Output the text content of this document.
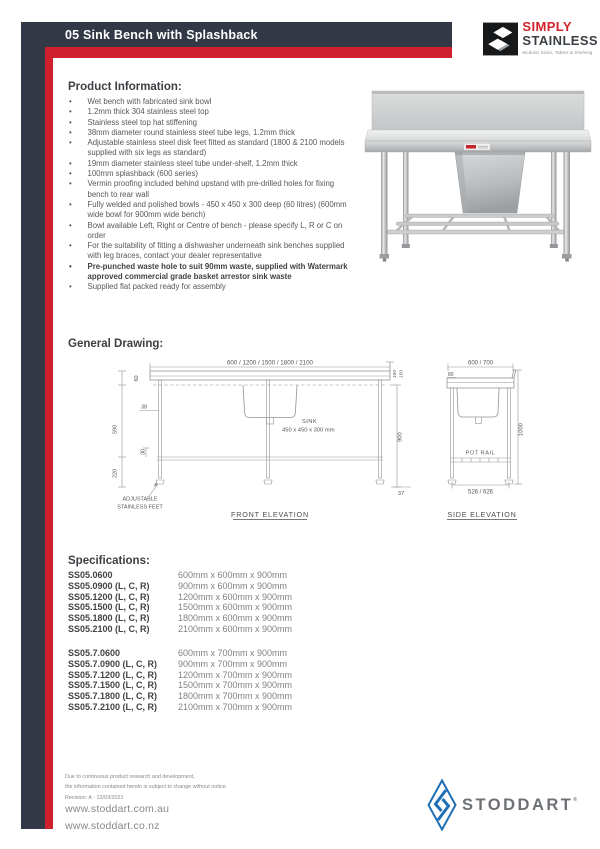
05 Sink Bench with Splashback
SIMPLY
STAINLESS
Modular Sinks, Tables & Shelving
Product Information:
•
Wet bench with fabricated sink bowl
•
1.2mm thick 304 stainless steel top
•
Stainless steel top hat stiffening
•
38mm diameter round stainless steel tube legs, 1.2mm thick
•
Adjustable stainless steel disk feet fitted as standard (1800 & 2100 models supplied with six legs as standard)
•
19mm diameter stainless steel tube under-shelf, 1.2mm thick
•
100mm splashback (600 series)
•
Vermin proofing included behind upstand with pre-drilled holes for fixing bench to rear wall
•
Fully welded and polished bowls - 450 x 450 x 300 deep (60 litres) (600mm wide bowl for 900mm wide bench)
•
Bowl available Left, Right or Centre of bench - please specify L, R or C on order
•
For the suitability of fitting a dishwasher underneath sink benches supplied with leg braces, contact your dealer representative
•
Pre-punched waste hole to suit 90mm waste, supplied with Watermark approved commercial grade basket arrestor sink waste
•
Supplied flat packed ready for assembly
General Drawing:
600 / 1200 / 1500 / 1800 / 2100
100 150
SINK
450 x 450 x 300 mm
60
38
590
30
220
900
37
ADJUSTABLE
STAINLESS FEET
FRONT ELEVATION
600 / 700
80
POT RAIL
1000
526 / 626
SIDE ELEVATION
Specifications:
SS05.0600	600mm x 600mm x 900mm
SS05.0900 (L, C, R)	900mm x 600mm x 900mm
SS05.1200 (L, C, R)	1200mm x 600mm x 900mm
SS05.1500 (L, C, R)	1500mm x 600mm x 900mm
SS05.1800 (L, C, R)	1800mm x 600mm x 900mm
SS05.2100 (L, C, R)	2100mm x 600mm x 900mm
SS05.7.0600	600mm x 700mm x 900mm
SS05.7.0900 (L, C, R)	900mm x 700mm x 900mm
SS05.7.1200 (L, C, R)	1200mm x 700mm x 900mm
SS05.7.1500 (L, C, R)	1500mm x 700mm x 900mm
SS05.7.1800 (L, C, R)	1800mm x 700mm x 900mm
SS05.7.2100 (L, C, R)	2100mm x 700mm x 900mm
Due to continuous product research and development,
the information contained herein is subject to change without notice.
Revision: A - 12/03/2021
www.stoddart.com.au
www.stoddart.co.nz
STODDART®
